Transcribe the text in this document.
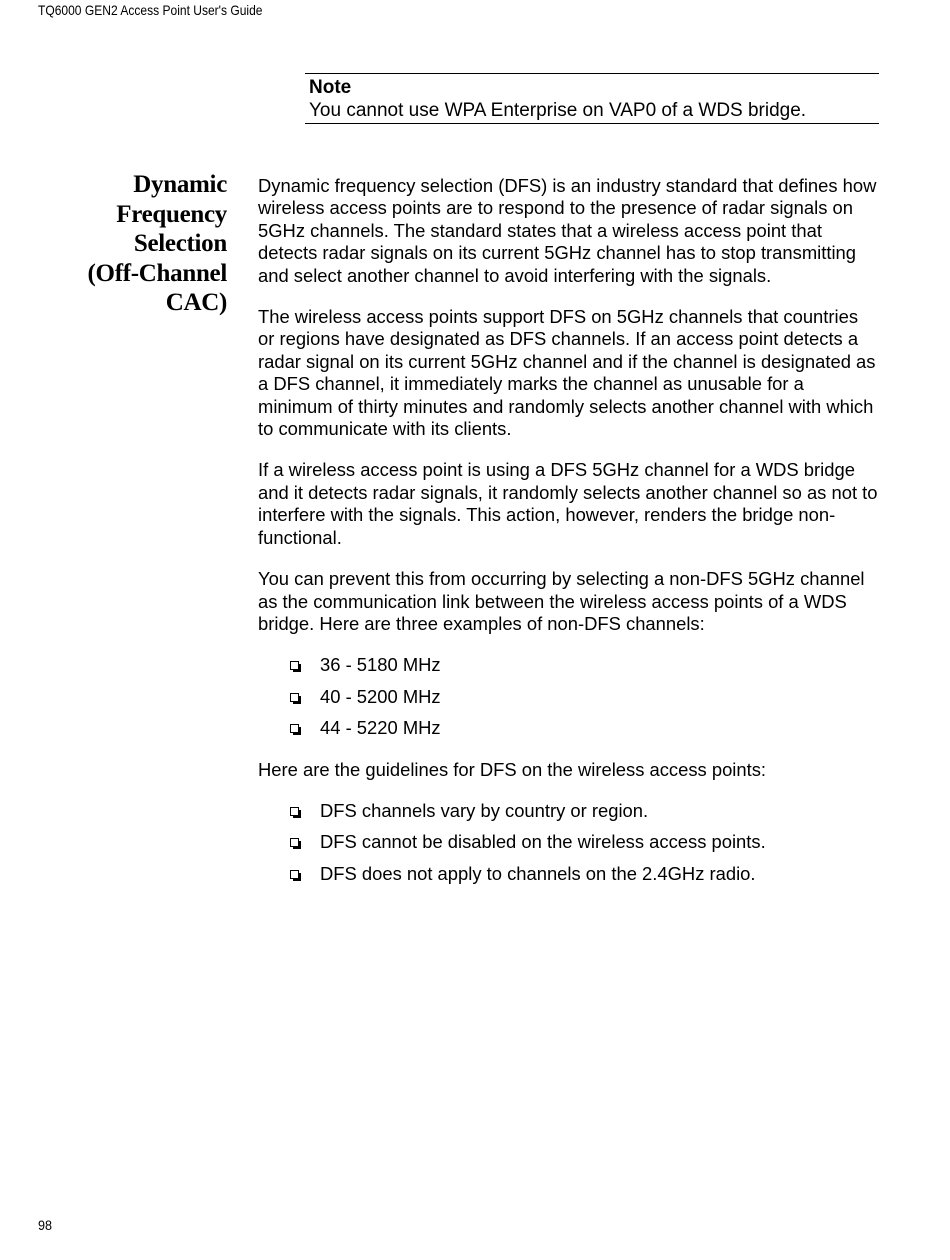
TQ6000 GEN2 Access Point User's Guide
Note
You cannot use WPA Enterprise on VAP0 of a WDS bridge.
Dynamic
Frequency
Selection
(Off-Channel
CAC)

Dynamic frequency selection (DFS) is an industry standard that defines how wireless access points are to respond to the presence of radar signals on 5GHz channels. The standard states that a wireless access point that detects radar signals on its current 5GHz channel has to stop transmitting and select another channel to avoid interfering with the signals.

The wireless access points support DFS on 5GHz channels that countries or regions have designated as DFS channels. If an access point detects a radar signal on its current 5GHz channel and if the channel is designated as a DFS channel, it immediately marks the channel as unusable for a minimum of thirty minutes and randomly selects another channel with which to communicate with its clients.

If a wireless access point is using a DFS 5GHz channel for a WDS bridge and it detects radar signals, it randomly selects another channel so as not to interfere with the signals. This action, however, renders the bridge non-functional.

You can prevent this from occurring by selecting a non-DFS 5GHz channel as the communication link between the wireless access points of a WDS bridge. Here are three examples of non-DFS channels:

36 - 5180 MHz
40 - 5200 MHz
44 - 5220 MHz

Here are the guidelines for DFS on the wireless access points:

DFS channels vary by country or region.
DFS cannot be disabled on the wireless access points.
DFS does not apply to channels on the 2.4GHz radio.
98
